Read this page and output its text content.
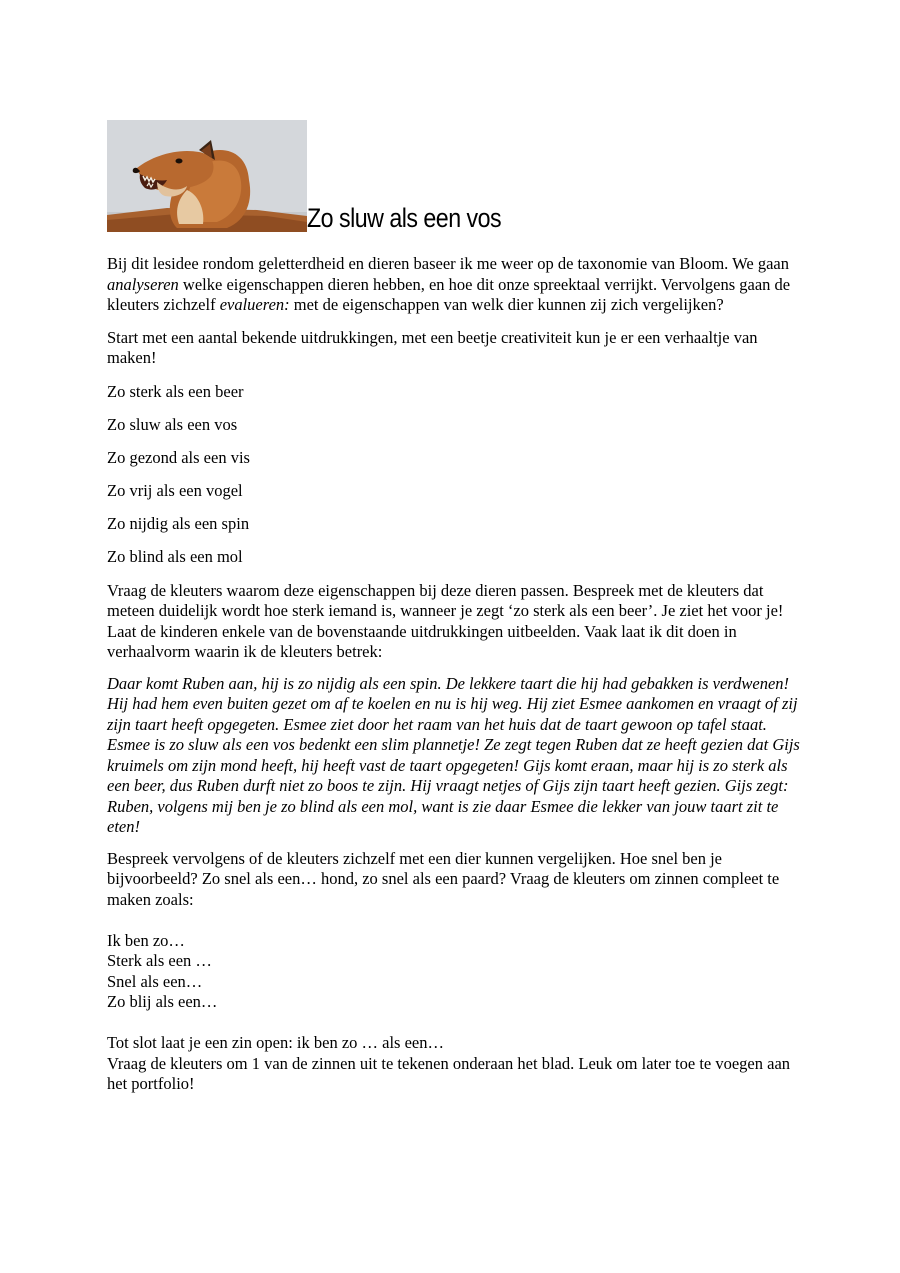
Zo sluw als een vos

Bij dit lesidee rondom geletterdheid en dieren baseer ik me weer op de taxonomie van Bloom. We gaan analyseren welke eigenschappen dieren hebben, en hoe dit onze spreektaal verrijkt. Vervolgens gaan de kleuters zichzelf evalueren: met de eigenschappen van welk dier kunnen zij zich vergelijken?

Start met een aantal bekende uitdrukkingen, met een beetje creativiteit kun je er een verhaaltje van maken!

Zo sterk als een beer

Zo sluw als een vos

Zo gezond als een vis

Zo vrij als een vogel

Zo nijdig als een spin

Zo blind als een mol

Vraag de kleuters waarom deze eigenschappen bij deze dieren passen. Bespreek met de kleuters dat meteen duidelijk wordt hoe sterk iemand is, wanneer je zegt ‘zo sterk als een beer’. Je ziet het voor je! Laat de kinderen enkele van de bovenstaande uitdrukkingen uitbeelden. Vaak laat ik dit doen in verhaalvorm waarin ik de kleuters betrek:

Daar komt Ruben aan, hij is zo nijdig als een spin. De lekkere taart die hij had gebakken is verdwenen! Hij had hem even buiten gezet om af te koelen en nu is hij weg. Hij ziet Esmee aankomen en vraagt of zij zijn taart heeft opgegeten. Esmee ziet door het raam van het huis dat de taart gewoon op tafel staat. Esmee is zo sluw als een vos bedenkt een slim plannetje! Ze zegt tegen Ruben dat ze heeft gezien dat Gijs kruimels om zijn mond heeft, hij heeft vast de taart opgegeten! Gijs komt eraan, maar hij is zo sterk als een beer, dus Ruben durft niet zo boos te zijn. Hij vraagt netjes of Gijs zijn taart heeft gezien. Gijs zegt: Ruben, volgens mij ben je zo blind als een mol, want is zie daar Esmee die lekker van jouw taart zit te eten!

Bespreek vervolgens of de kleuters zichzelf met een dier kunnen vergelijken. Hoe snel ben je bijvoorbeeld? Zo snel als een… hond, zo snel als een paard? Vraag de kleuters om zinnen compleet te maken zoals:

Ik ben zo…

Sterk als een …

Snel als een…

Zo blij als een…

Tot slot laat je een zin open: ik ben zo … als een…

Vraag de kleuters om 1 van de zinnen uit te tekenen onderaan het blad. Leuk om later toe te voegen aan het portfolio!
